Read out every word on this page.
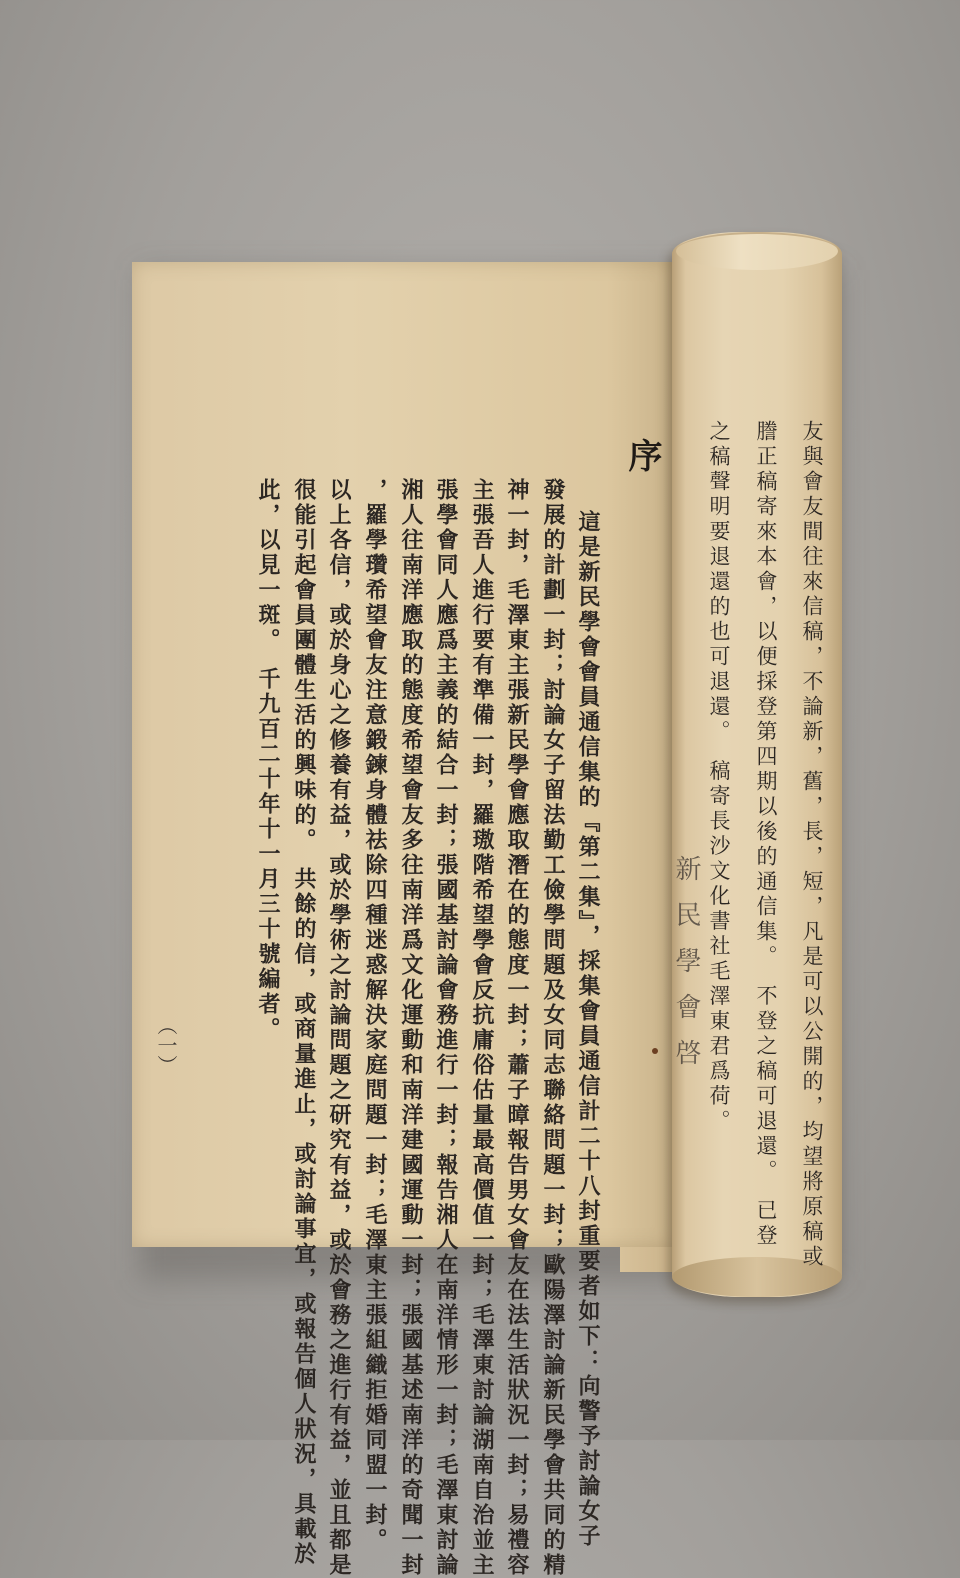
序
這是新民學會會員通信集的『第二集』，採集會員通信計二十八封重要者如下：向警予討論女子
發展的計劃一封；討論女子留法勤工儉學問題及女同志聯絡問題一封；歐陽澤討論新民學會共同的精
神一封，毛澤東主張新民學會應取潛在的態度一封；蕭子暲報告男女會友在法生活狀況一封；易禮容
主張吾人進行要有準備一封，羅璈階希望學會反抗庸俗估量最高價值一封；毛澤東討論湖南自治並主
張學會同人應爲主義的結合一封；張國基討論會務進行一封；報告湘人在南洋情形一封；毛澤東討論
湘人往南洋應取的態度希望會友多往南洋爲文化運動和南洋建國運動一封；張國基述南洋的奇聞一封
，羅學瓚希望會友注意鍛鍊身體祛除四種迷惑解決家庭問題一封；毛澤東主張組織拒婚同盟一封。
以上各信，或於身心之修養有益，或於學術之討論問題之研究有益，或於會務之進行有益，並且都是
很能引起會員團體生活的興味的。　共餘的信，或商量進止，或討論事宜，或報告個人狀況，具載於
此，以見一斑。　千九百二十年十一月三十號編者。
（一）	友與會友間往來信稿，不論新，舊，長，短，凡是可以公開的，均望將原稿或
謄正稿寄來本會，以便採登第四期以後的通信集。　不登之稿可退還。　已登
之稿聲明要退還的也可退還。　稿寄長沙文化書社毛澤東君爲荷。
新民學會啓
